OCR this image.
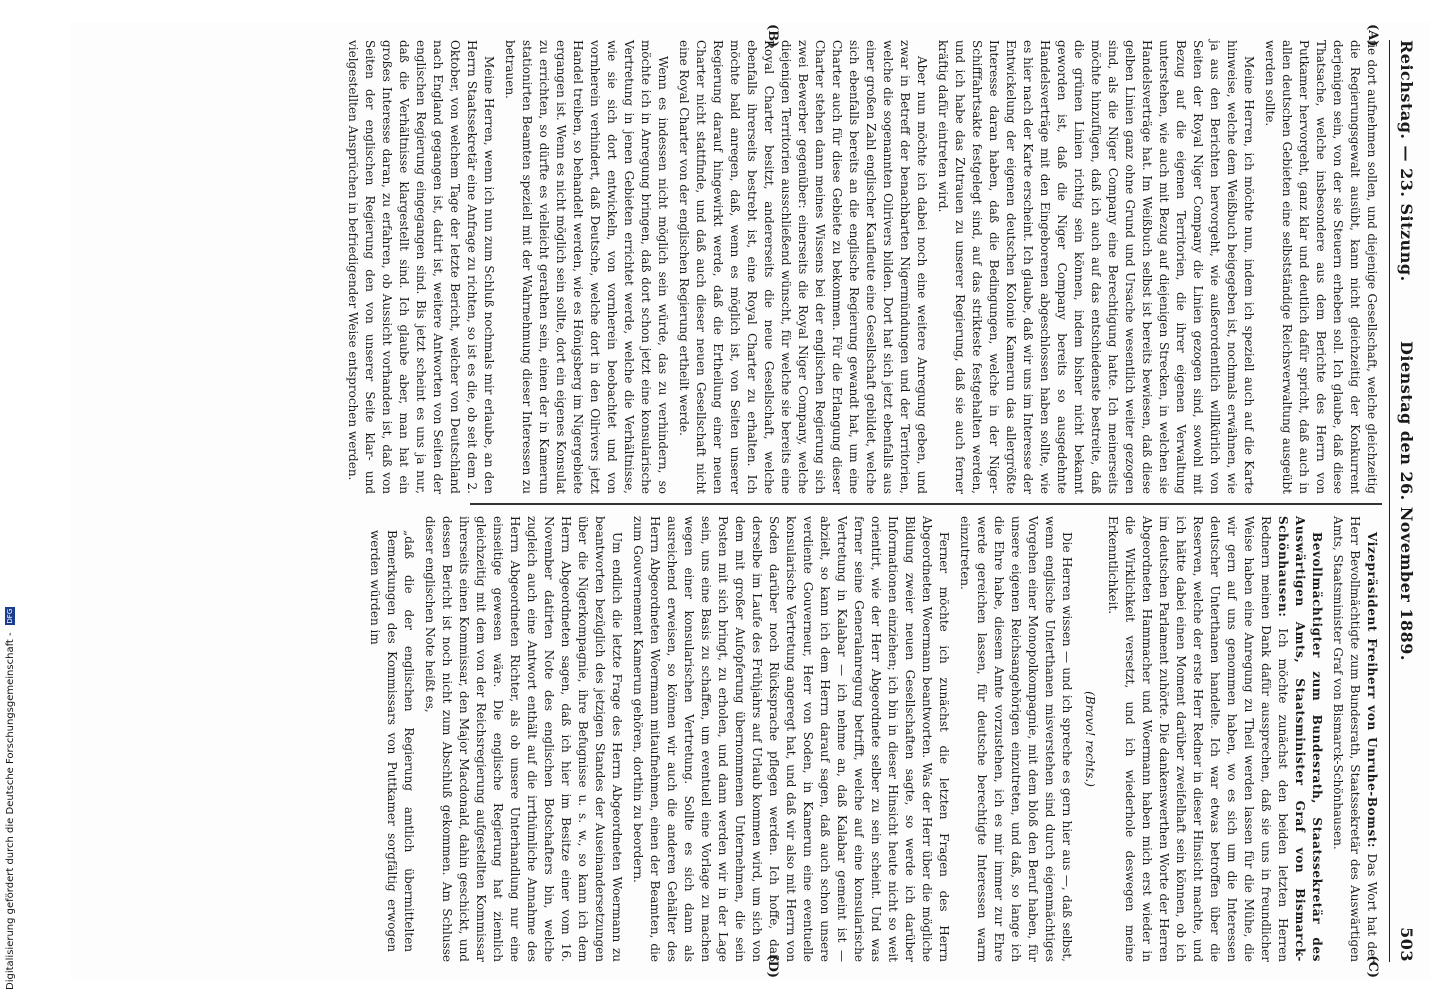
Reichstag. — 23. Sitzung.
Dienstag den 26. November 1889.
503
(A)
(B)
(C)
(D)

fie dort aufnehmen sollen, und diejenige Gesellschaft, welche gleichzeitig die Regierungsgewalt ausübt, kann nicht gleichzeitig der Konkurrent derjenigen sein, von der sie Steuern erheben soll. Ich glaube, daß diese Thatsache, welche insbesondere aus dem Berichte des Herrn von Putkamer hervorgeht, ganz klar und deutlich dafür spricht, daß auch in allen deutschen Gebieten eine selbstständige Reichsverwaltung ausgeübt werden sollte.

Meine Herren, ich möchte nun, indem ich speziell auch auf die Karte hinweise, welche dem Weißbuch beigegeben ist, nochmals erwähnen, wie ja aus den Berichten hervorgeht, wie außerordentlich willkürlich von Seiten der Royal Niger Company die Linien gezogen sind, sowohl mit Bezug auf die eigenen Territorien, die ihrer eigenen Verwaltung unterstehen, wie auch mit Bezug auf diejenigen Strecken, in welchen sie Handelsverträge hat. Im Weißbuch selbst ist bereits bewiesen, daß diese gelben Linien ganz ohne Grund und Ursache wesentlich weiter gezogen sind, als die Niger Company eine Berechtigung hatte. Ich meinerseits möchte hinzufügen, daß ich auch auf das entschiedenste bestreite, daß die grünen Linien richtig sein können, indem bisher nicht bekannt geworden ist, daß die Niger Company bereits so ausgedehnte Handelsverträge mit den Eingeborenen abgeschlossen haben sollte, wie es hier nach der Karte erscheint. Ich glaube, daß wir uns im Interesse der Entwickelung der eigenen deutschen Kolonie Kamerun das allergrößte Interesse daran haben, daß die Bedingungen, welche in der Niger-Schifffahrtsakte festgelegt sind, auf das strikteste festgehalten werden, und ich habe das Zutrauen zu unserer Regierung, daß sie auch ferner kräftig dafür eintreten wird.

Aber nun möchte ich dabei noch eine weitere Anregung geben, und zwar in Betreff der benachbarten Nigermündungen und der Territorien, welche die sogenannten Oilrivers bilden. Dort hat sich jetzt ebenfalls aus einer großen Zahl englischer Kaufleute eine Gesellschaft gebildet, welche sich ebenfalls bereits an die englische Regierung gewandt hat, um eine Charter auch für diese Gebiete zu bekommen. Für die Erlangung dieser Charter stehen dann meines Wissens bei der englischen Regierung sich zwei Bewerber gegenüber: einerseits die Royal Niger Company, welche diejenigen Territorien ausschließend wünscht, für welche sie bereits eine Royal Charter besitzt, andererseits die neue Gesellschaft, welche ebenfalls ihrerseits bestrebt ist, eine Royal Charter zu erhalten. Ich möchte bald anregen, daß, wenn es möglich ist, von Seiten unserer Regierung darauf hingewirkt werde, daß die Ertheilung einer neuen Charter nicht stattfinde, und daß auch dieser neuen Gesellschaft nicht eine Royal Charter von der englischen Regierung ertheilt werde.

Wenn es indessen nicht möglich sein würde, das zu verhindern, so möchte ich in Anregung bringen, daß dort schon jetzt eine konsularische Vertretung in jenen Gebieten errichtet werde, welche die Verhältnisse, wie sie sich dort entwickeln, von vornherein beobachtet und von vornherein verhindert, daß Deutsche, welche dort in den Oilrivers jetzt Handel treiben, so behandelt werden, wie es Hönigsberg im Nigergebiete ergangen ist. Wenn es nicht möglich sein sollte, dort ein eigenes Konsulat zu errichten, so dürfte es vielleicht gerathen sein, einen der in Kamerun stationirten Beamten speziell mit der Wahrnehmung dieser Interessen zu betrauen.

Meine Herren, wenn ich nun zum Schluß nochmals mir erlaube, an den Herrn Staatssekretär eine Anfrage zu richten, so ist es die, ob seit dem 2. Oktober, von welchem Tage der letzte Bericht, welcher von Deutschland nach England gegangen ist, datirt ist, weitere Antworten von Seiten der englischen Regierung eingegangen sind. Bis jetzt scheint es uns ja nur, daß die Verhältnisse klargestellt sind. Ich glaube aber, man hat ein großes Interesse daran, zu erfahren, ob Aussicht vorhanden ist, daß von Seiten der englischen Regierung den von unserer Seite klar- und vielgestellten Ansprüchen in befriedigender Weise entsprochen werden.

Vizepräsident Freiherr von Unruhe-Bomst: Das Wort hat der Herr Bevollmächtigte zum Bundesrath, Staatssekretär des Auswärtigen Amts, Staatsminister Graf von Bismarck-Schönhausen.

Bevollmächtigter zum Bundesrath, Staatssekretär des Auswärtigen Amts, Staatsminister Graf von Bismarck-Schönhausen: Ich möchte zunächst den beiden letzten Herren Rednern meinen Dank dafür aussprechen, daß sie uns in freundlicher Weise haben eine Anregung zu Theil werden lassen für die Mühe, die wir gern auf uns genommen haben, wo es sich um die Interessen deutscher Unterthanen handelte. Ich war etwas betroffen über die Reserven, welche der erste Herr Redner in dieser Hinsicht machte, und ich hätte dabei einen Moment darüber zweifelhaft sein können, ob ich im deutschen Parlament zuhörte. Die dankenswerthen Worte der Herren Abgeordneten Hammacher und Woermann haben mich erst wieder in die Wirklichkeit versetzt, und ich wiederhole deswegen meine Erkenntlichkeit.

(Bravo! rechts.)

Die Herren wissen — und ich spreche es gern hier aus —, daß selbst, wenn englische Unterthanen misverstehen sind durch eigenmächtiges Vorgehen einer Monopolkompagnie, mit dem bloß den Beruf haben, für unsere eigenen Reichsangehörigen einzutreten, und daß, so lange ich die Ehre habe, diesem Amte vorzustehen, ich es mir immer zur Ehre werde gereichen lassen, für deutsche berechtigte Interessen warm einzutreten.

Ferner möchte ich zunächst die letzten Fragen des Herrn Abgeordneten Woermann beantworten. Was der Herr über die mögliche Bildung zweier neuen Gesellschaften sagte, so werde ich darüber Informationen einziehen; ich bin in dieser Hinsicht heute nicht so weit orientirt, wie der Herr Abgeordnete selber zu sein scheint. Und was ferner seine Generalanregung betrifft, welche auf eine konsularische Vertretung in Kalabar — ich nehme an, daß Kalabar gemeint ist — abzielt, so kann ich dem Herrn darauf sagen, daß auch schon unsere verdiente Gouverneur, Herr von Soden, in Kamerun eine eventuelle konsularische Vertretung angeregt hat, und daß wir also mit Herrn von Soden darüber noch Rücksprache pflegen werden. Ich hoffe, daß derselbe im Laufe des Frühjahrs auf Urlaub kommen wird, um sich von dem mit großer Aufopferung übernommenen Unternehmen, die sein Posten mit sich bringt, zu erholen, und dann werden wir in der Lage sein, uns eine Basis zu schaffen, um eventuell eine Vorlage zu machen wegen einer konsularischen Vertretung. Sollte es sich dann als ausreichend erweisen, so können wir auch die anderen Gehälter des Herrn Abgeordneten Woermann mitaufnehmen, einen der Beamten, die zum Gouvernement Kamerun gehören, dorthin zu beordern.

Um endlich die letzte Frage des Herrn Abgeordneten Woermann zu beantworten bezüglich des jetzigen Standes der Auseinandersetzungen über die Nigerkompagnie, ihre Befugnisse u. s. w., so kann ich dem Herrn Abgeordneten sagen, daß ich hier im Besitze einer vom 16. November datirten Note des englischen Botschafters bin, welche zugleich auch eine Antwort enthält auf die irrthümliche Annahme des Herrn Abgeordneten Richter, als ob unsere Unterhandlung nur eine einseitige gewesen wäre. Die englische Regierung hat ziemlich gleichzeitig mit dem von der Reichsregierung aufgestellten Kommissar ihrerseits einen Kommissar, den Major Macdonald, dahin geschickt, und dessen Bericht ist noch nicht zum Abschluß gekommen. Am Schlusse dieser englischen Note heißt es,

„daß die der englischen Regierung amtlich übermittelten Bemerkungen des Kommissars von Puttkamer sorgfältig erwogen werden würden im

Digitalisierung gefördert durch die Deutsche Forschungsgemeinschaft - DFG
